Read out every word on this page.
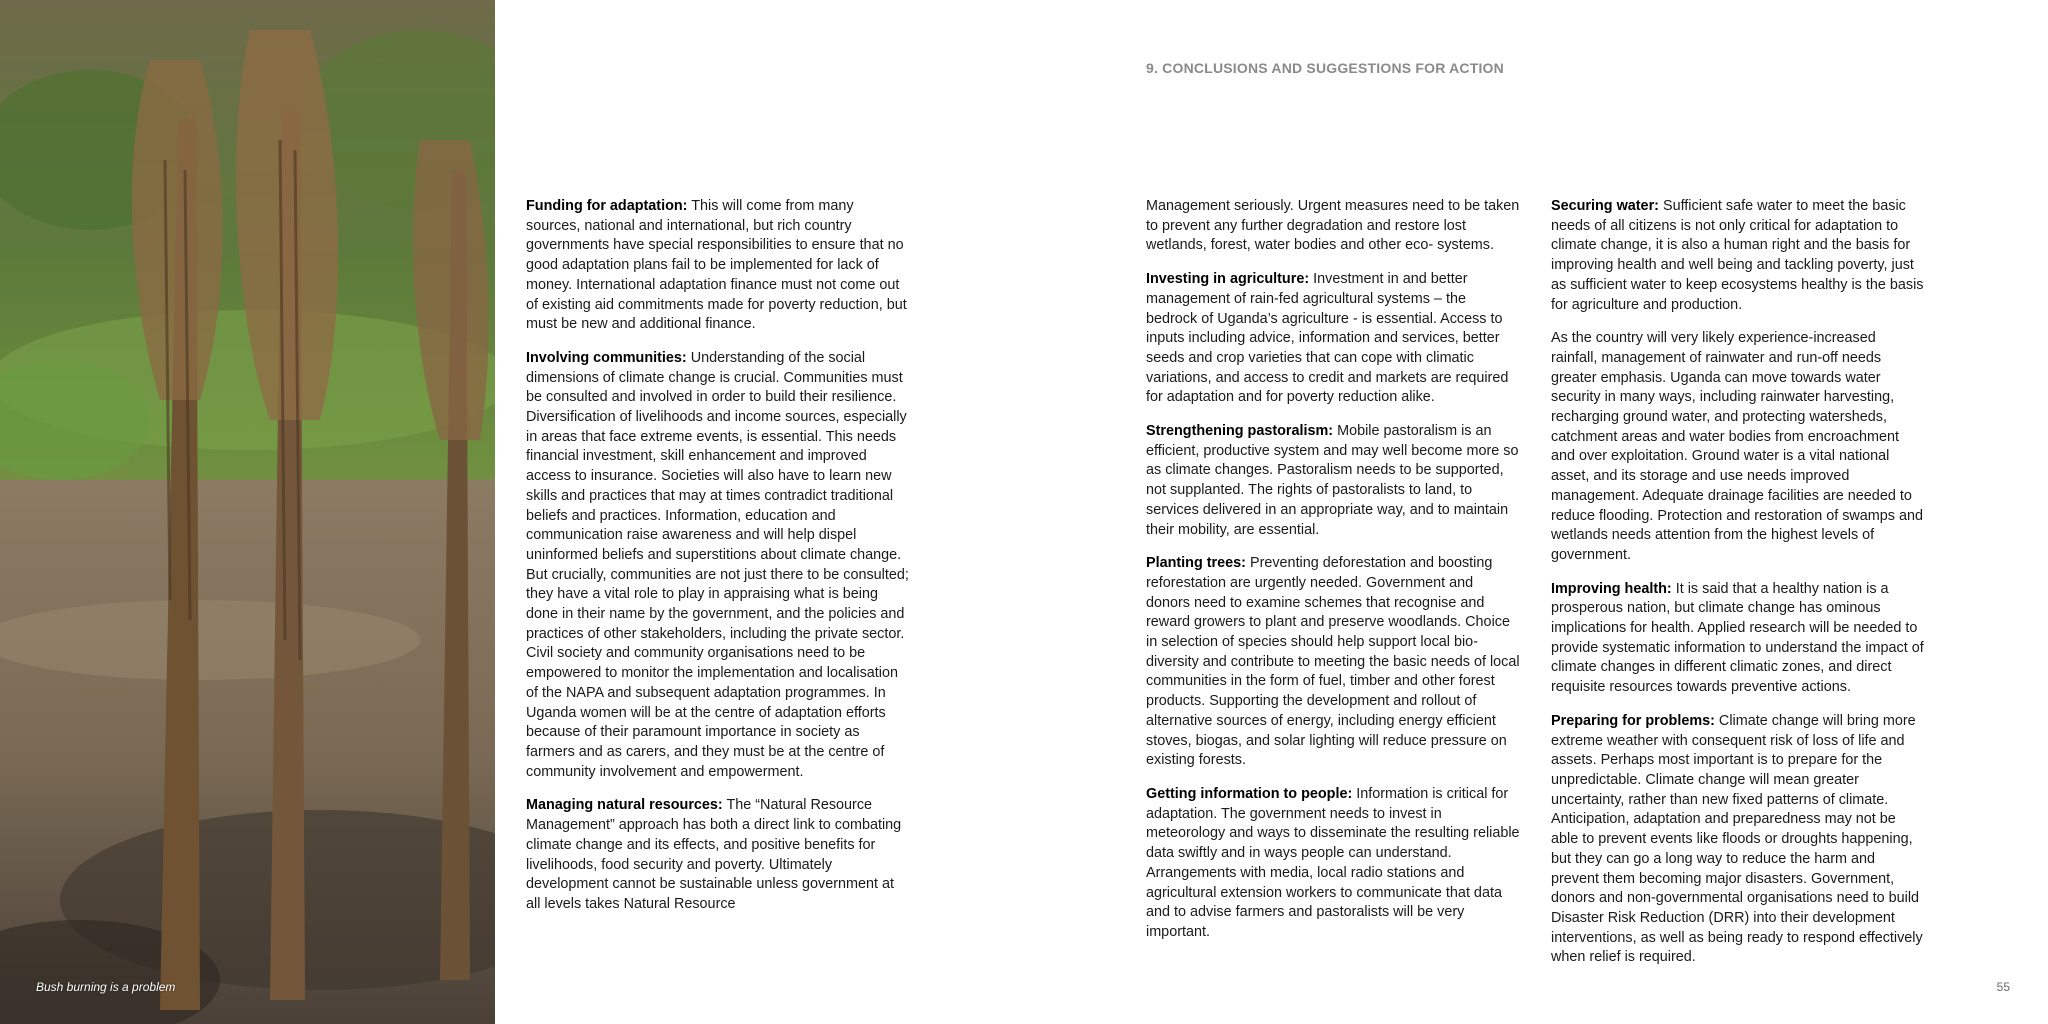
Bush burning is a problem
9. CONCLUSIONS AND SUGGESTIONS FOR ACTION

Funding for adaptation: This will come from many sources, national and international, but rich country governments have special responsibilities to ensure that no good adaptation plans fail to be implemented for lack of money. International adaptation finance must not come out of existing aid commitments made for poverty reduction, but must be new and additional finance.

Involving communities: Understanding of the social dimensions of climate change is crucial. Communities must be consulted and involved in order to build their resilience. Diversification of livelihoods and income sources, especially in areas that face extreme events, is essential. This needs financial investment, skill enhancement and improved access to insurance. Societies will also have to learn new skills and practices that may at times contradict traditional beliefs and practices. Information, education and communication raise awareness and will help dispel uninformed beliefs and superstitions about climate change. But crucially, communities are not just there to be consulted; they have a vital role to play in appraising what is being done in their name by the government, and the policies and practices of other stakeholders, including the private sector. Civil society and community organisations need to be empowered to monitor the implementation and localisation of the NAPA and subsequent adaptation programmes. In Uganda women will be at the centre of adaptation efforts because of their paramount importance in society as farmers and as carers, and they must be at the centre of community involvement and empowerment.

Managing natural resources: The “Natural Resource Management” approach has both a direct link to combating climate change and its effects, and positive benefits for livelihoods, food security and poverty. Ultimately development cannot be sustainable unless government at all levels takes Natural Resource

Management seriously. Urgent measures need to be taken to prevent any further degradation and restore lost wetlands, forest, water bodies and other eco- systems.

Investing in agriculture: Investment in and better management of rain-fed agricultural systems – the bedrock of Uganda’s agriculture - is essential. Access to inputs including advice, information and services, better seeds and crop varieties that can cope with climatic variations, and access to credit and markets are required for adaptation and for poverty reduction alike.

Strengthening pastoralism: Mobile pastoralism is an efficient, productive system and may well become more so as climate changes. Pastoralism needs to be supported, not supplanted. The rights of pastoralists to land, to services delivered in an appropriate way, and to maintain their mobility, are essential.

Planting trees: Preventing deforestation and boosting reforestation are urgently needed. Government and donors need to examine schemes that recognise and reward growers to plant and preserve woodlands. Choice in selection of species should help support local bio-diversity and contribute to meeting the basic needs of local communities in the form of fuel, timber and other forest products. Supporting the development and rollout of alternative sources of energy, including energy efficient stoves, biogas, and solar lighting will reduce pressure on existing forests.

Getting information to people: Information is critical for adaptation. The government needs to invest in meteorology and ways to disseminate the resulting reliable data swiftly and in ways people can understand. Arrangements with media, local radio stations and agricultural extension workers to communicate that data and to advise farmers and pastoralists will be very important.

Securing water: Sufficient safe water to meet the basic needs of all citizens is not only critical for adaptation to climate change, it is also a human right and the basis for improving health and well being and tackling poverty, just as sufficient water to keep ecosystems healthy is the basis for agriculture and production.

As the country will very likely experience-increased rainfall, management of rainwater and run-off needs greater emphasis. Uganda can move towards water security in many ways, including rainwater harvesting, recharging ground water, and protecting watersheds, catchment areas and water bodies from encroachment and over exploitation. Ground water is a vital national asset, and its storage and use needs improved management. Adequate drainage facilities are needed to reduce flooding. Protection and restoration of swamps and wetlands needs attention from the highest levels of government.

Improving health: It is said that a healthy nation is a prosperous nation, but climate change has ominous implications for health. Applied research will be needed to provide systematic information to understand the impact of climate changes in different climatic zones, and direct requisite resources towards preventive actions.

Preparing for problems: Climate change will bring more extreme weather with consequent risk of loss of life and assets. Perhaps most important is to prepare for the unpredictable. Climate change will mean greater uncertainty, rather than new fixed patterns of climate. Anticipation, adaptation and preparedness may not be able to prevent events like floods or droughts happening, but they can go a long way to reduce the harm and prevent them becoming major disasters. Government, donors and non-governmental organisations need to build Disaster Risk Reduction (DRR) into their development interventions, as well as being ready to respond effectively when relief is required.

55
